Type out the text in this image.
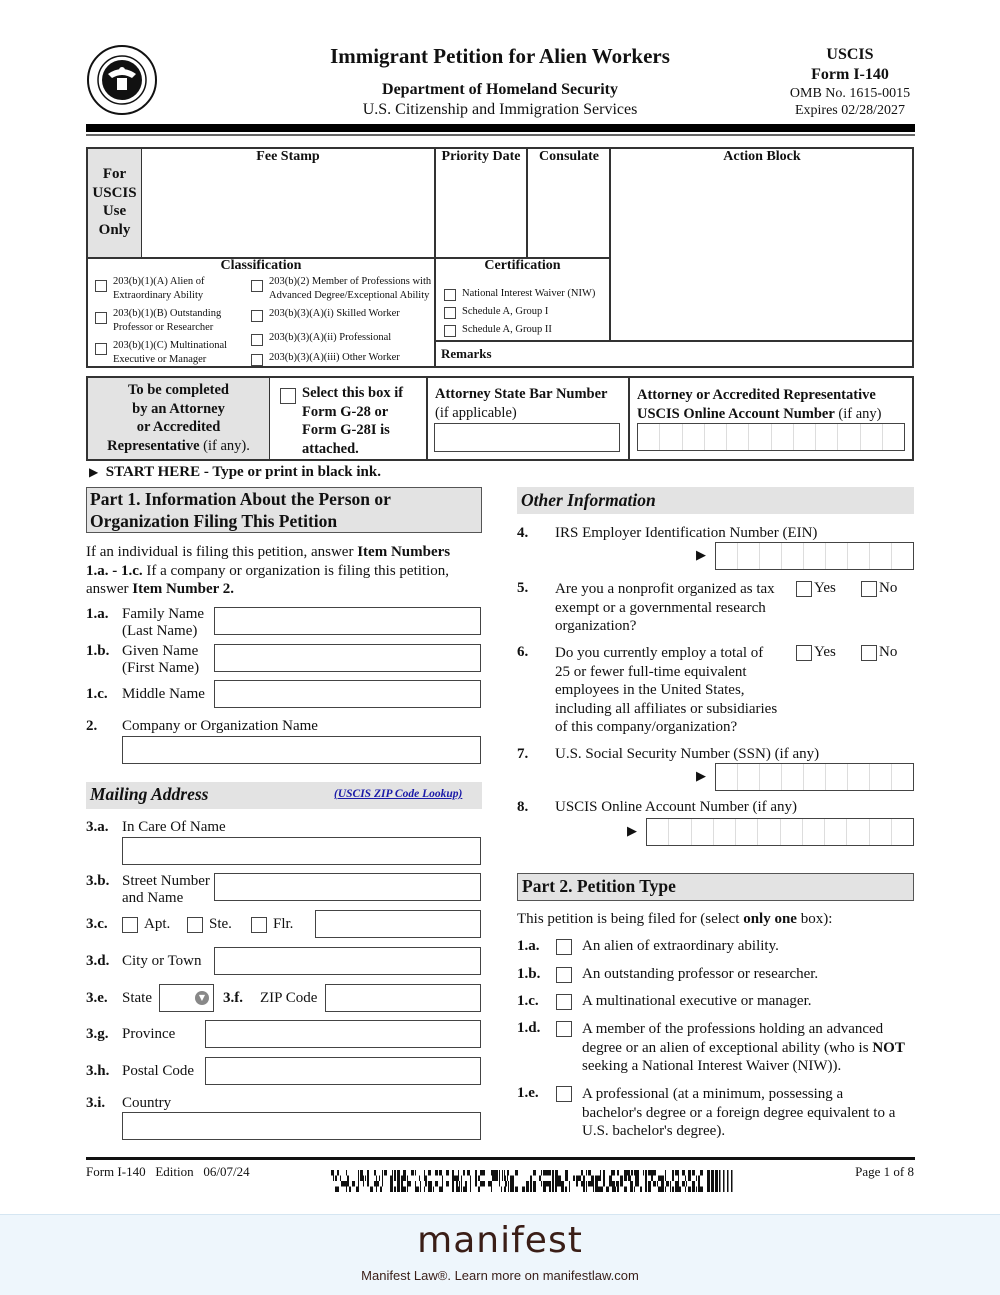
Immigrant Petition for Alien Workers
Department of Homeland Security
U.S. Citizenship and Immigration Services
USCIS
Form I-140
OMB No. 1615-0015
Expires 02/28/2027
For
USCIS
Use
Only
Fee Stamp	Priority Date	Consulate	Action Block
Classification
203(b)(1)(A) Alien of
Extraordinary Ability
203(b)(1)(B) Outstanding
Professor or Researcher
203(b)(1)(C) Multinational
Executive or Manager
203(b)(2) Member of Professions with
Advanced Degree/Exceptional Ability
203(b)(3)(A)(i) Skilled Worker
203(b)(3)(A)(ii) Professional
203(b)(3)(A)(iii) Other Worker
Certification
National Interest Waiver (NIW)
Schedule A, Group I
Schedule A, Group II
Remarks
To be completed
by an Attorney
or Accredited
Representative (if any).
Select this box if
Form G-28 or
Form G-28I is
attached.
Attorney State Bar Number
(if applicable)
Attorney or Accredited Representative
USCIS Online Account Number (if any)
▶ START HERE - Type or print in black ink.
Part 1. Information About the Person or
Organization Filing This Petition
If an individual is filing this petition, answer Item Numbers
1.a. - 1.c. If a company or organization is filing this petition,
answer Item Number 2.
1.a. Family Name
(Last Name)
1.b. Given Name
(First Name)
1.c. Middle Name
2. Company or Organization Name
Mailing Address	(USCIS ZIP Code Lookup)
3.a. In Care Of Name
3.b. Street Number
and Name
3.c. Apt.	Ste.	Flr.
3.d. City or Town
3.e. State	▼ 3.f. ZIP Code
3.g. Province
3.h. Postal Code
3.i. Country
Other Information
4. IRS Employer Identification Number (EIN)
▶
5. Are you a nonprofit organized as tax
exempt or a governmental research
organization?
Yes	No
6. Do you currently employ a total of
25 or fewer full-time equivalent
employees in the United States,
including all affiliates or subsidiaries
of this company/organization?
Yes	No
7. U.S. Social Security Number (SSN) (if any)
▶
8. USCIS Online Account Number (if any)
▶
Part 2. Petition Type
This petition is being filed for (select only one box):
1.a.	An alien of extraordinary ability.
1.b.	An outstanding professor or researcher.
1.c.	A multinational executive or manager.
1.d.	A member of the professions holding an advanced
degree or an alien of exceptional ability (who is NOT
seeking a National Interest Waiver (NIW)).
1.e.	A professional (at a minimum, possessing a
bachelor's degree or a foreign degree equivalent to a
U.S. bachelor's degree).
Form I-140   Edition   06/07/24	Page 1 of 8
manifest
Manifest Law®. Learn more on manifestlaw.com
